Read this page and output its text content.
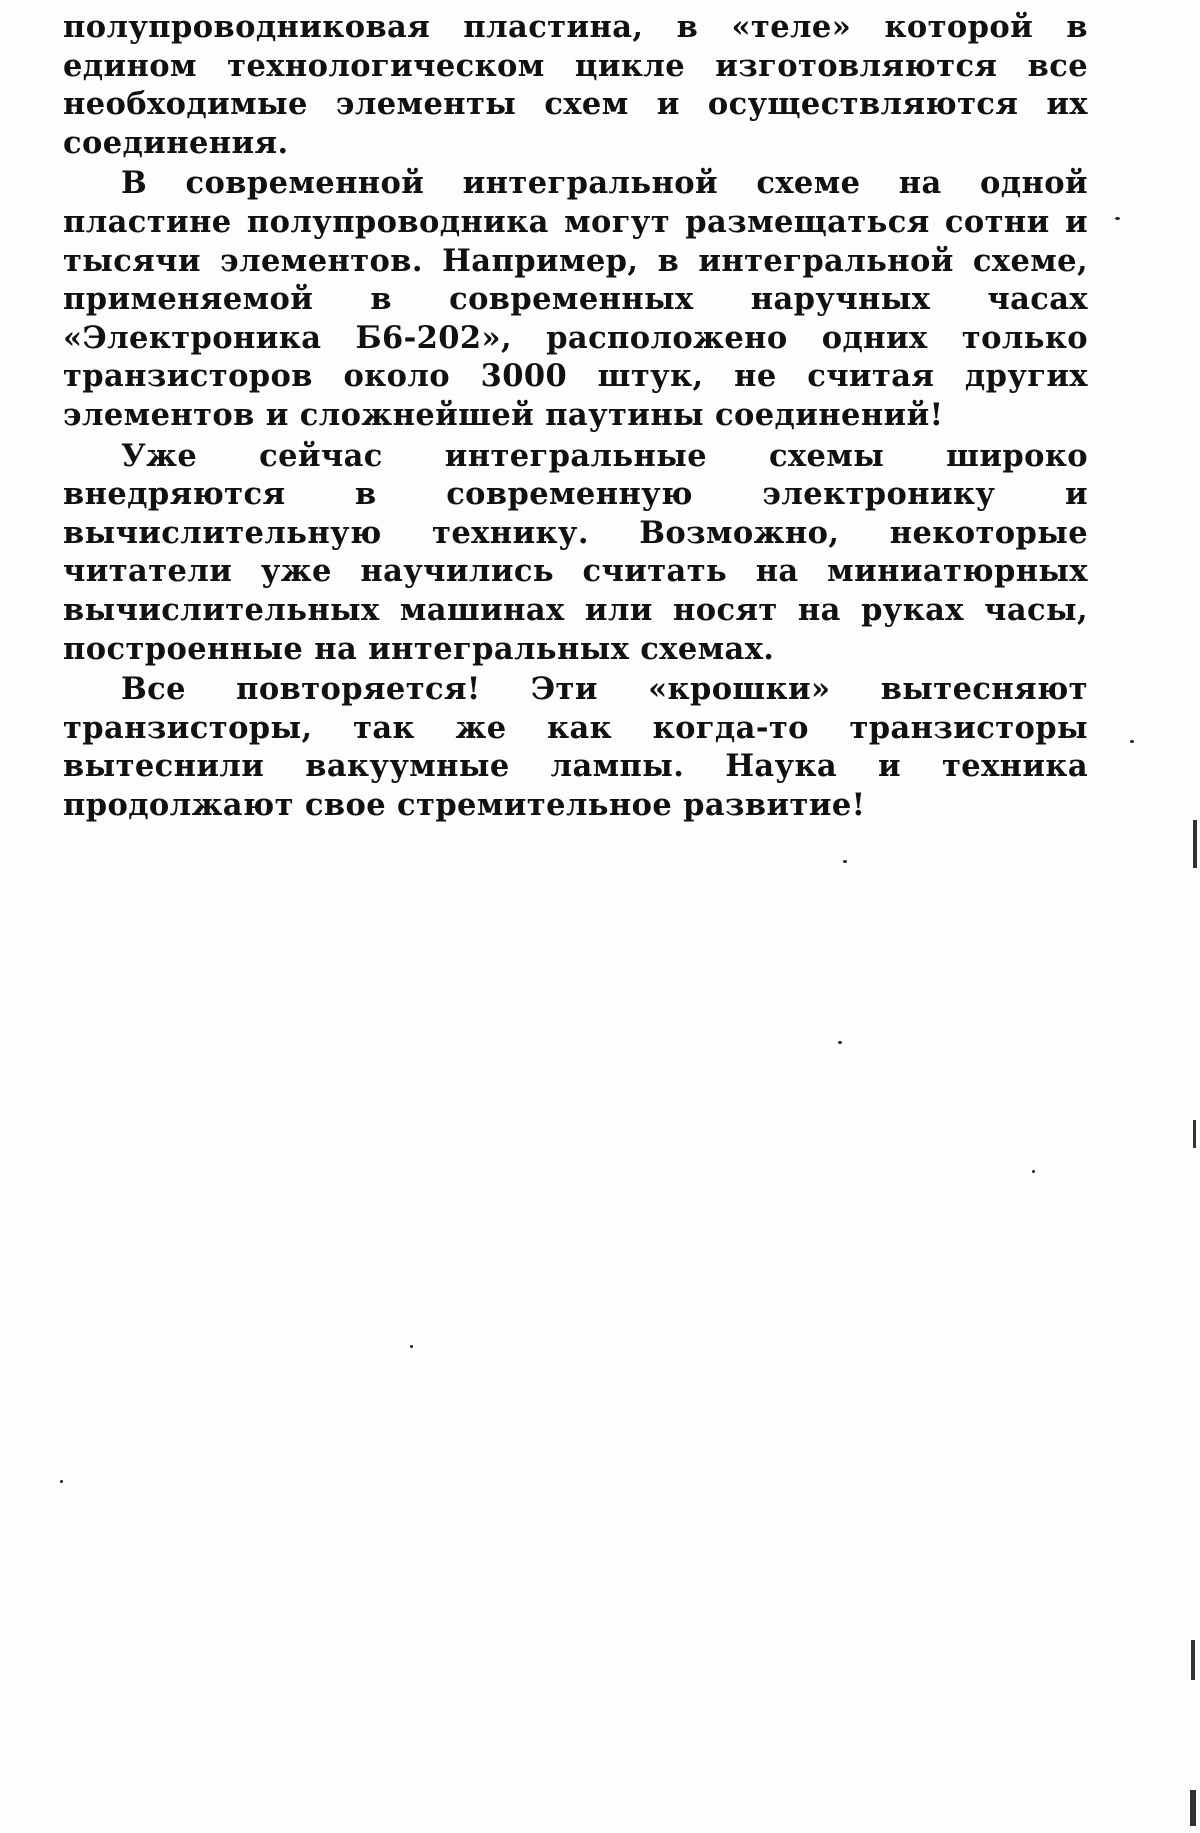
полупроводниковая пластина, в «теле» которой в едином технологическом цикле изготовляются все необходимые элементы схем и осуществляются их соединения.

В современной интегральной схеме на одной пластине полупроводника могут размещаться сотни и тысячи элементов. Например, в интегральной схеме, применяемой в современных наручных часах «Электроника Б6-202», расположено одних только транзисторов около 3000 штук, не считая других элементов и сложнейшей паутины соединений!

Уже сейчас интегральные схемы широко внедряются в современную электронику и вычислительную технику. Возможно, некоторые читатели уже научились считать на миниатюрных вычислительных машинах или носят на руках часы, построенные на интегральных схемах.

Все повторяется! Эти «крошки» вытесняют транзисторы, так же как когда-то транзисторы вытеснили вакуумные лампы. Наука и техника продолжают свое стремительное развитие!
